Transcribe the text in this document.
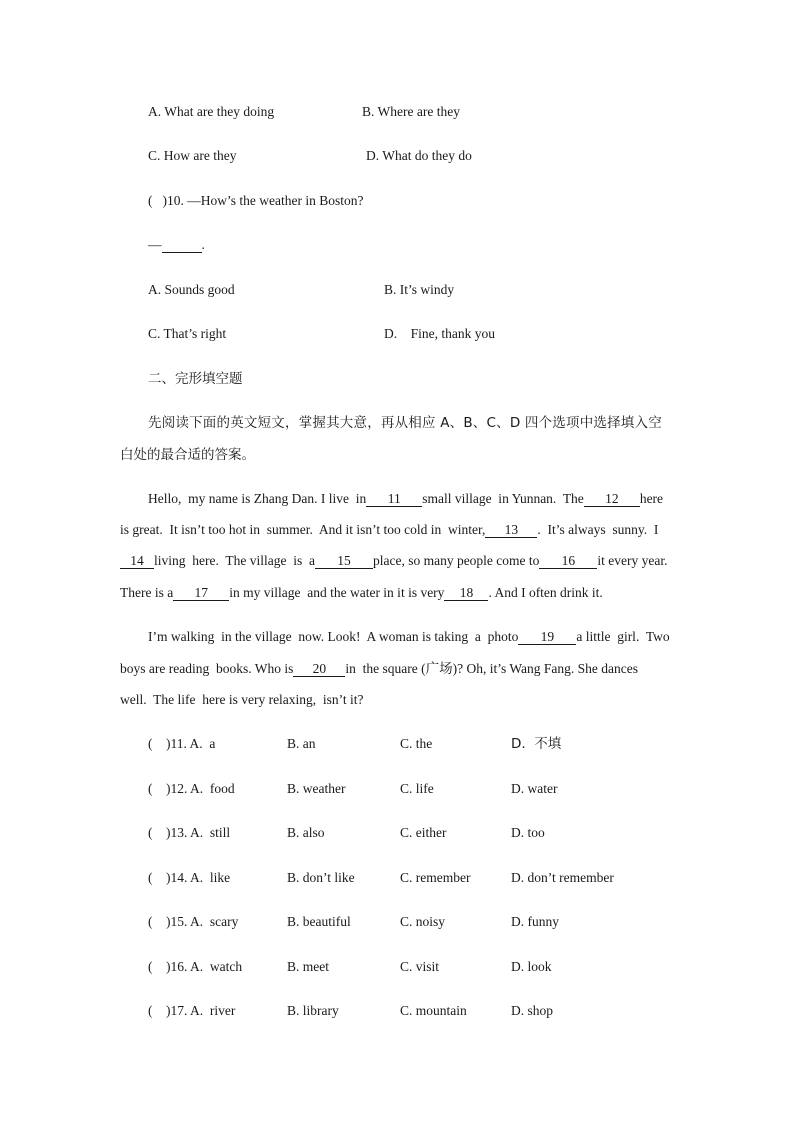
A. What are they doing	B. Where are they
C. How are they	D. What do they do
( )10. —How’s the weather in Boston?
—	.
A. Sounds good	B. It’s windy
C. That’s right	D.    Fine, thank you
二、完形填空题
先阅读下面的英文短文，掌握其大意，再从相应 A、B、C、D 四个选项中选择填入空
白处的最合适的答案。
Hello,  my name is Zhang Dan. I live  in 11 small village  in Yunnan.  The 12 here
is great.  It isn’t too hot in  summer.  And it isn’t too cold in  winter, 13 .  It’s always  sunny.  I
14 living  here.  The village  is  a 15 place, so many people come to 16 it every year.
There is a 17 in my village  and the water in it is very 18 . And I often drink it.
I’m walking  in the village  now. Look!  A woman is taking  a  photo 19 a little  girl.  Two
boys are reading  books. Who is 20 in  the square (广场)? Oh, it’s Wang Fang. She dances
well.  The life  here is very relaxing,  isn’t it?
( )11. A.  a	B. an	C. the	D.  不填
( )12. A.  food	B. weather	C. life	D. water
( )13. A.  still	B. also	C. either	D. too
( )14. A.  like	B. don’t like	C. remember	D. don’t remember
( )15. A.  scary	B. beautiful	C. noisy	D. funny
( )16. A.  watch	B. meet	C. visit	D. look
( )17. A.  river	B. library	C. mountain	D. shop
